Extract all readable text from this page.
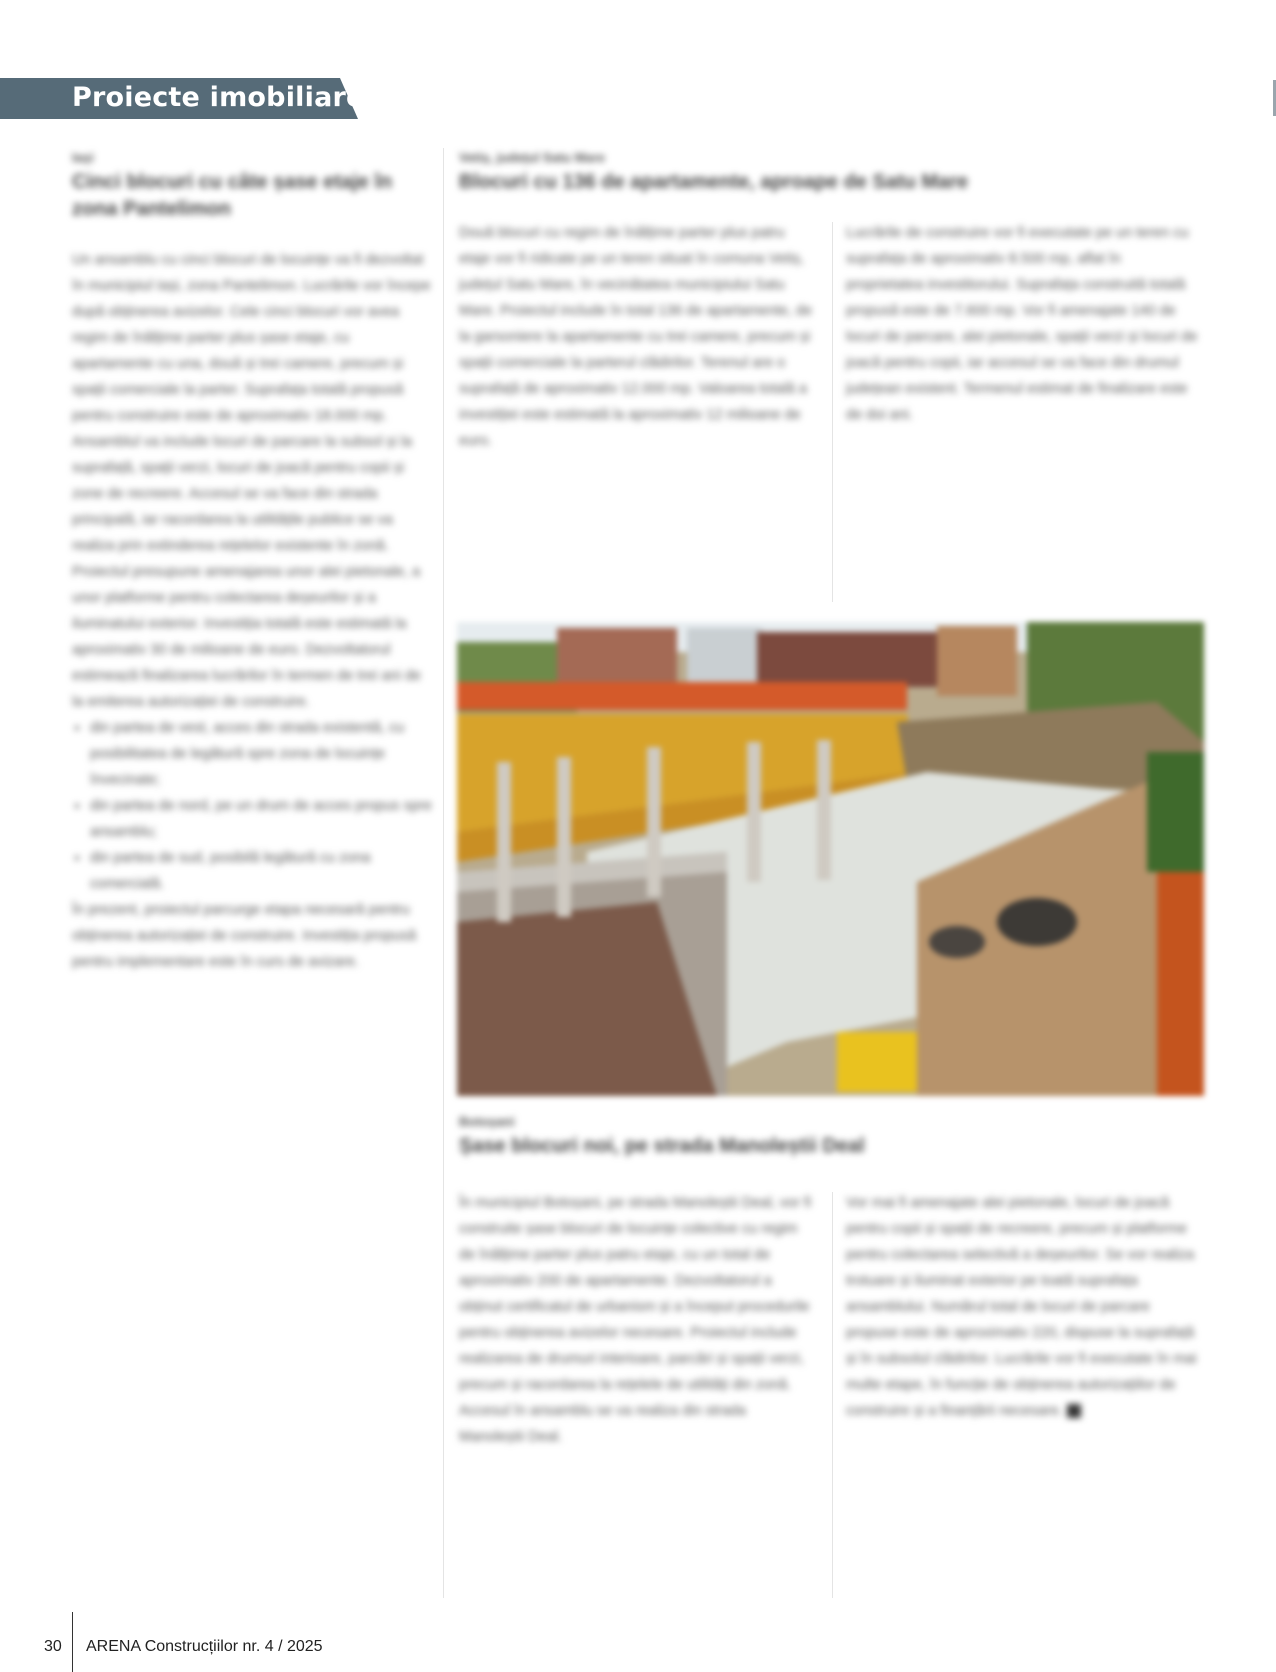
Proiecte imobiliare

Iași

Cinci blocuri cu câte șase etaje în zona Pantelimon

Un ansamblu cu cinci blocuri de locuințe va fi dezvoltat în municipiul Iași, zona Pantelimon. Lucrările vor începe după obținerea avizelor. Cele cinci blocuri vor avea regim de înălțime parter plus șase etaje, cu apartamente cu una, două și trei camere, precum și spații comerciale la parter. Suprafața totală propusă pentru construire este de aproximativ 18.000 mp. Ansamblul va include locuri de parcare la subsol și la suprafață, spații verzi, locuri de joacă pentru copii și zone de recreere. Accesul se va face din strada principală, iar racordarea la utilitățile publice se va realiza prin extinderea rețelelor existente în zonă. Proiectul presupune amenajarea unor alei pietonale, a unor platforme pentru colectarea deșeurilor și a iluminatului exterior. Investiția totală este estimată la aproximativ 30 de milioane de euro. Dezvoltatorul estimează finalizarea lucrărilor în termen de trei ani de la emiterea autorizației de construire.

• din partea de vest, acces din strada existentă, cu posibilitatea de legătură spre zona de locuințe învecinate;
• din partea de nord, pe un drum de acces propus spre ansamblu;
• din partea de sud, posibilă legătură cu zona comercială.

În prezent, proiectul parcurge etapa necesară pentru obținerea autorizației de construire. Investiția propusă pentru implementare este în curs de avizare.

Vetiș, județul Satu Mare

Blocuri cu 136 de apartamente, aproape de Satu Mare

Două blocuri cu regim de înălțime parter plus patru etaje vor fi ridicate pe un teren situat în comuna Vetiș, județul Satu Mare, în vecinătatea municipiului Satu Mare. Proiectul include în total 136 de apartamente, de la garsoniere la apartamente cu trei camere, precum și spații comerciale la parterul clădirilor. Terenul are o suprafață de aproximativ 12.000 mp. Valoarea totală a investiției este estimată la aproximativ 12 milioane de euro.

Lucrările de construire vor fi executate pe un teren cu suprafața de aproximativ 8.500 mp, aflat în proprietatea investitorului. Suprafața construită totală propusă este de 7.600 mp. Vor fi amenajate 140 de locuri de parcare, alei pietonale, spații verzi și locuri de joacă pentru copii, iar accesul se va face din drumul județean existent. Termenul estimat de finalizare este de doi ani.

Botoșani

Șase blocuri noi, pe strada Manoleștii Deal

În municipiul Botoșani, pe strada Manoleștii Deal, vor fi construite șase blocuri de locuințe colective cu regim de înălțime parter plus patru etaje, cu un total de aproximativ 200 de apartamente. Dezvoltatorul a obținut certificatul de urbanism și a început procedurile pentru obținerea avizelor necesare. Proiectul include realizarea de drumuri interioare, parcări și spații verzi, precum și racordarea la rețelele de utilități din zonă. Accesul în ansamblu se va realiza din strada Manoleștii Deal.

Vor mai fi amenajate alei pietonale, locuri de joacă pentru copii și spații de recreere, precum și platforme pentru colectarea selectivă a deșeurilor. Se vor realiza trotuare și iluminat exterior pe toată suprafața ansamblului. Numărul total de locuri de parcare propuse este de aproximativ 220, dispuse la suprafață și în subsolul clădirilor. Lucrările vor fi executate în mai multe etape, în funcție de obținerea autorizațiilor de construire și a finanțării necesare.

30 ARENA Construcțiilor nr. 4 / 2025
